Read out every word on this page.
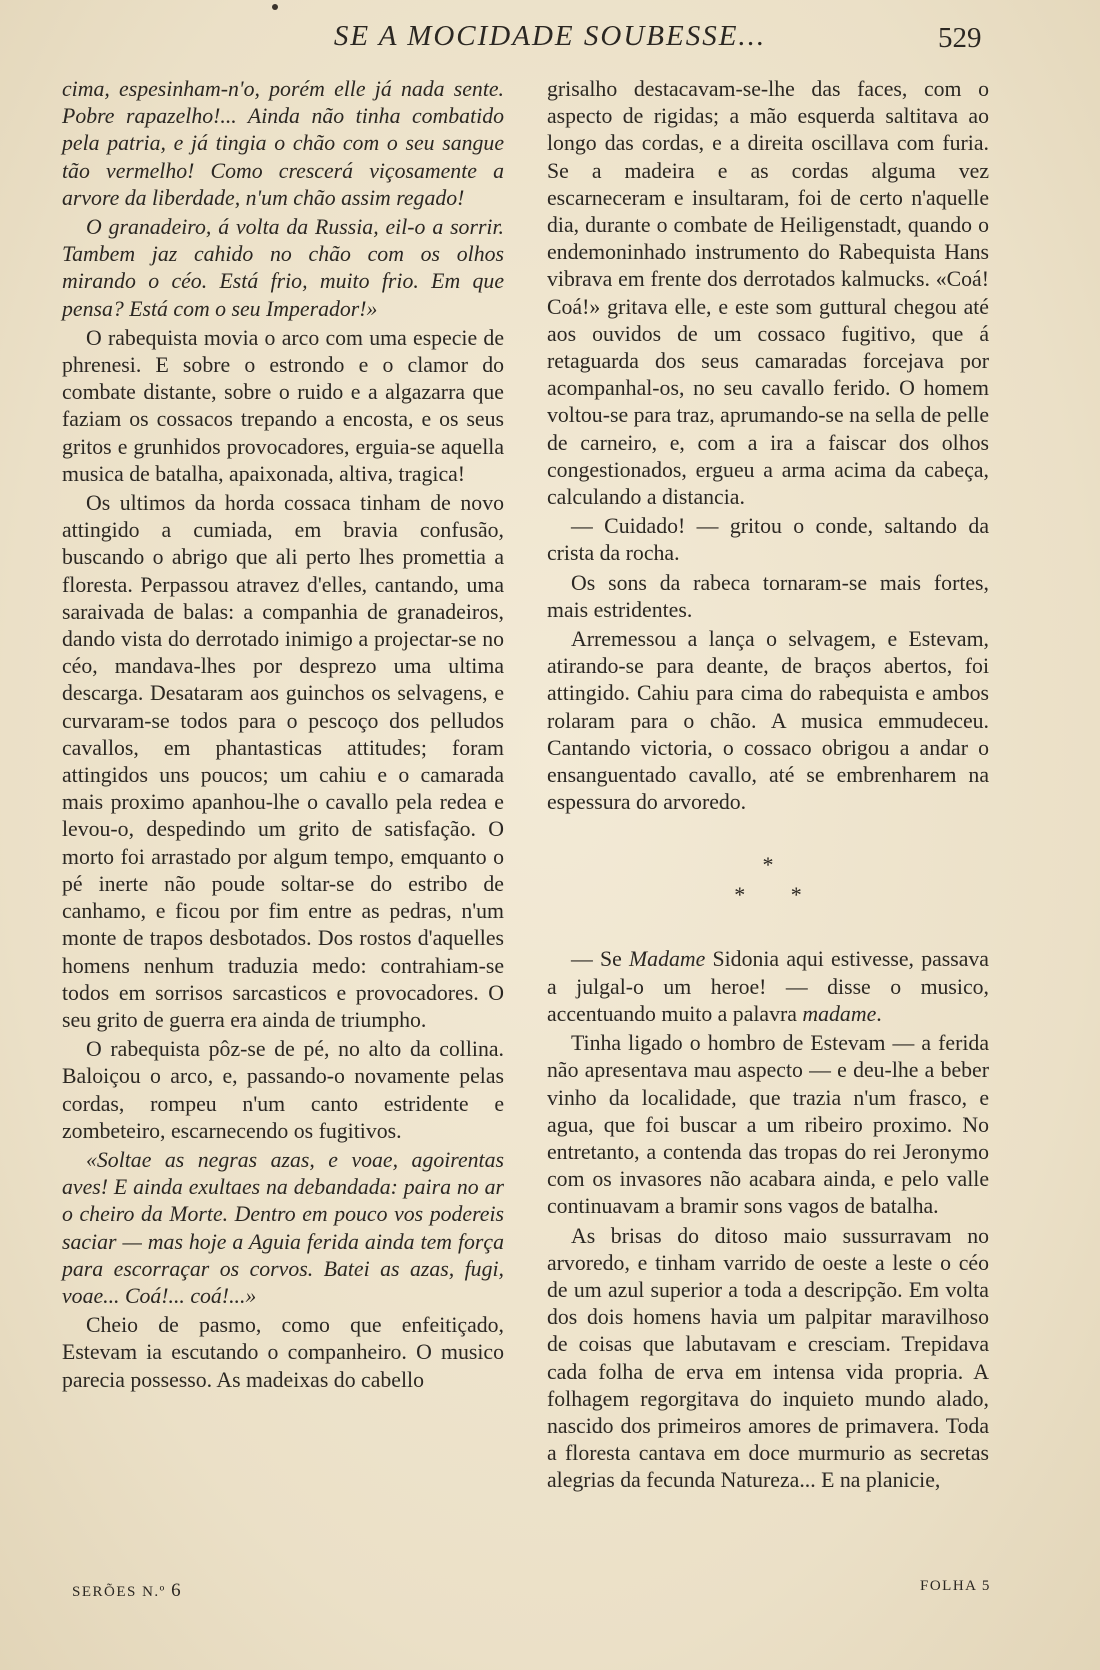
SE A MOCIDADE SOUBESSE...	529

cima, espesinham-n'o, porém elle já nada sente. Pobre rapazelho!... Ainda não tinha combatido pela patria, e já tingia o chão com o seu sangue tão vermelho! Como crescerá viçosamente a arvore da liberdade, n'um chão assim regado!

O granadeiro, á volta da Russia, eil-o a sorrir. Tambem jaz cahido no chão com os olhos mirando o céo. Está frio, muito frio. Em que pensa? Está com o seu Imperador!»

O rabequista movia o arco com uma especie de phrenesi. E sobre o estrondo e o clamor do combate distante, sobre o ruido e a algazarra que faziam os cossacos trepando a encosta, e os seus gritos e grunhidos provocadores, erguia-se aquella musica de batalha, apaixonada, altiva, tragica!

Os ultimos da horda cossaca tinham de novo attingido a cumiada, em bravia confusão, buscando o abrigo que ali perto lhes promettia a floresta. Perpassou atravez d'elles, cantando, uma saraivada de balas: a companhia de granadeiros, dando vista do derrotado inimigo a projectar-se no céo, mandava-lhes por desprezo uma ultima descarga. Desataram aos guinchos os selvagens, e curvaram-se todos para o pescoço dos pelludos cavallos, em phantasticas attitudes; foram attingidos uns poucos; um cahiu e o camarada mais proximo apanhou-lhe o cavallo pela redea e levou-o, despedindo um grito de satisfação. O morto foi arrastado por algum tempo, emquanto o pé inerte não poude soltar-se do estribo de canhamo, e ficou por fim entre as pedras, n'um monte de trapos desbotados. Dos rostos d'aquelles homens nenhum traduzia medo: contrahiam-se todos em sorrisos sarcasticos e provocadores. O seu grito de guerra era ainda de triumpho.

O rabequista pôz-se de pé, no alto da collina. Baloiçou o arco, e, passando-o novamente pelas cordas, rompeu n'um canto estridente e zombeteiro, escarnecendo os fugitivos.

«Soltae as negras azas, e voae, agoirentas aves! E ainda exultaes na debandada: paira no ar o cheiro da Morte. Dentro em pouco vos podereis saciar — mas hoje a Aguia ferida ainda tem força para escorraçar os corvos. Batei as azas, fugi, voae... Coá!... coá!...»

Cheio de pasmo, como que enfeitiçado, Estevam ia escutando o companheiro. O musico parecia possesso. As madeixas do cabello

grisalho destacavam-se-lhe das faces, com o aspecto de rigidas; a mão esquerda saltitava ao longo das cordas, e a direita oscillava com furia. Se a madeira e as cordas alguma vez escarneceram e insultaram, foi de certo n'aquelle dia, durante o combate de Heiligenstadt, quando o endemoninhado instrumento do Rabequista Hans vibrava em frente dos derrotados kalmucks. «Coá! Coá!» gritava elle, e este som guttural chegou até aos ouvidos de um cossaco fugitivo, que á retaguarda dos seus camaradas forcejava por acompanhal-os, no seu cavallo ferido. O homem voltou-se para traz, aprumando-se na sella de pelle de carneiro, e, com a ira a faiscar dos olhos congestionados, ergueu a arma acima da cabeça, calculando a distancia.

— Cuidado! — gritou o conde, saltando da crista da rocha.

Os sons da rabeca tornaram-se mais fortes, mais estridentes.

Arremessou a lança o selvagem, e Estevam, atirando-se para deante, de braços abertos, foi attingido. Cahiu para cima do rabequista e ambos rolaram para o chão. A musica emmudeceu. Cantando victoria, o cossaco obrigou a andar o ensanguentado cavallo, até se embrenharem na espessura do arvoredo.

*
* *

— Se Madame Sidonia aqui estivesse, passava a julgal-o um heroe! — disse o musico, accentuando muito a palavra madame.

Tinha ligado o hombro de Estevam — a ferida não apresentava mau aspecto — e deu-lhe a beber vinho da localidade, que trazia n'um frasco, e agua, que foi buscar a um ribeiro proximo. No entretanto, a contenda das tropas do rei Jeronymo com os invasores não acabara ainda, e pelo valle continuavam a bramir sons vagos de batalha.

As brisas do ditoso maio sussurravam no arvoredo, e tinham varrido de oeste a leste o céo de um azul superior a toda a descripção. Em volta dos dois homens havia um palpitar maravilhoso de coisas que labutavam e cresciam. Trepidava cada folha de erva em intensa vida propria. A folhagem regorgitava do inquieto mundo alado, nascido dos primeiros amores de primavera. Toda a floresta cantava em doce murmurio as secretas alegrias da fecunda Natureza... E na planicie,

SERÕES N.º 6	FOLHA 5
